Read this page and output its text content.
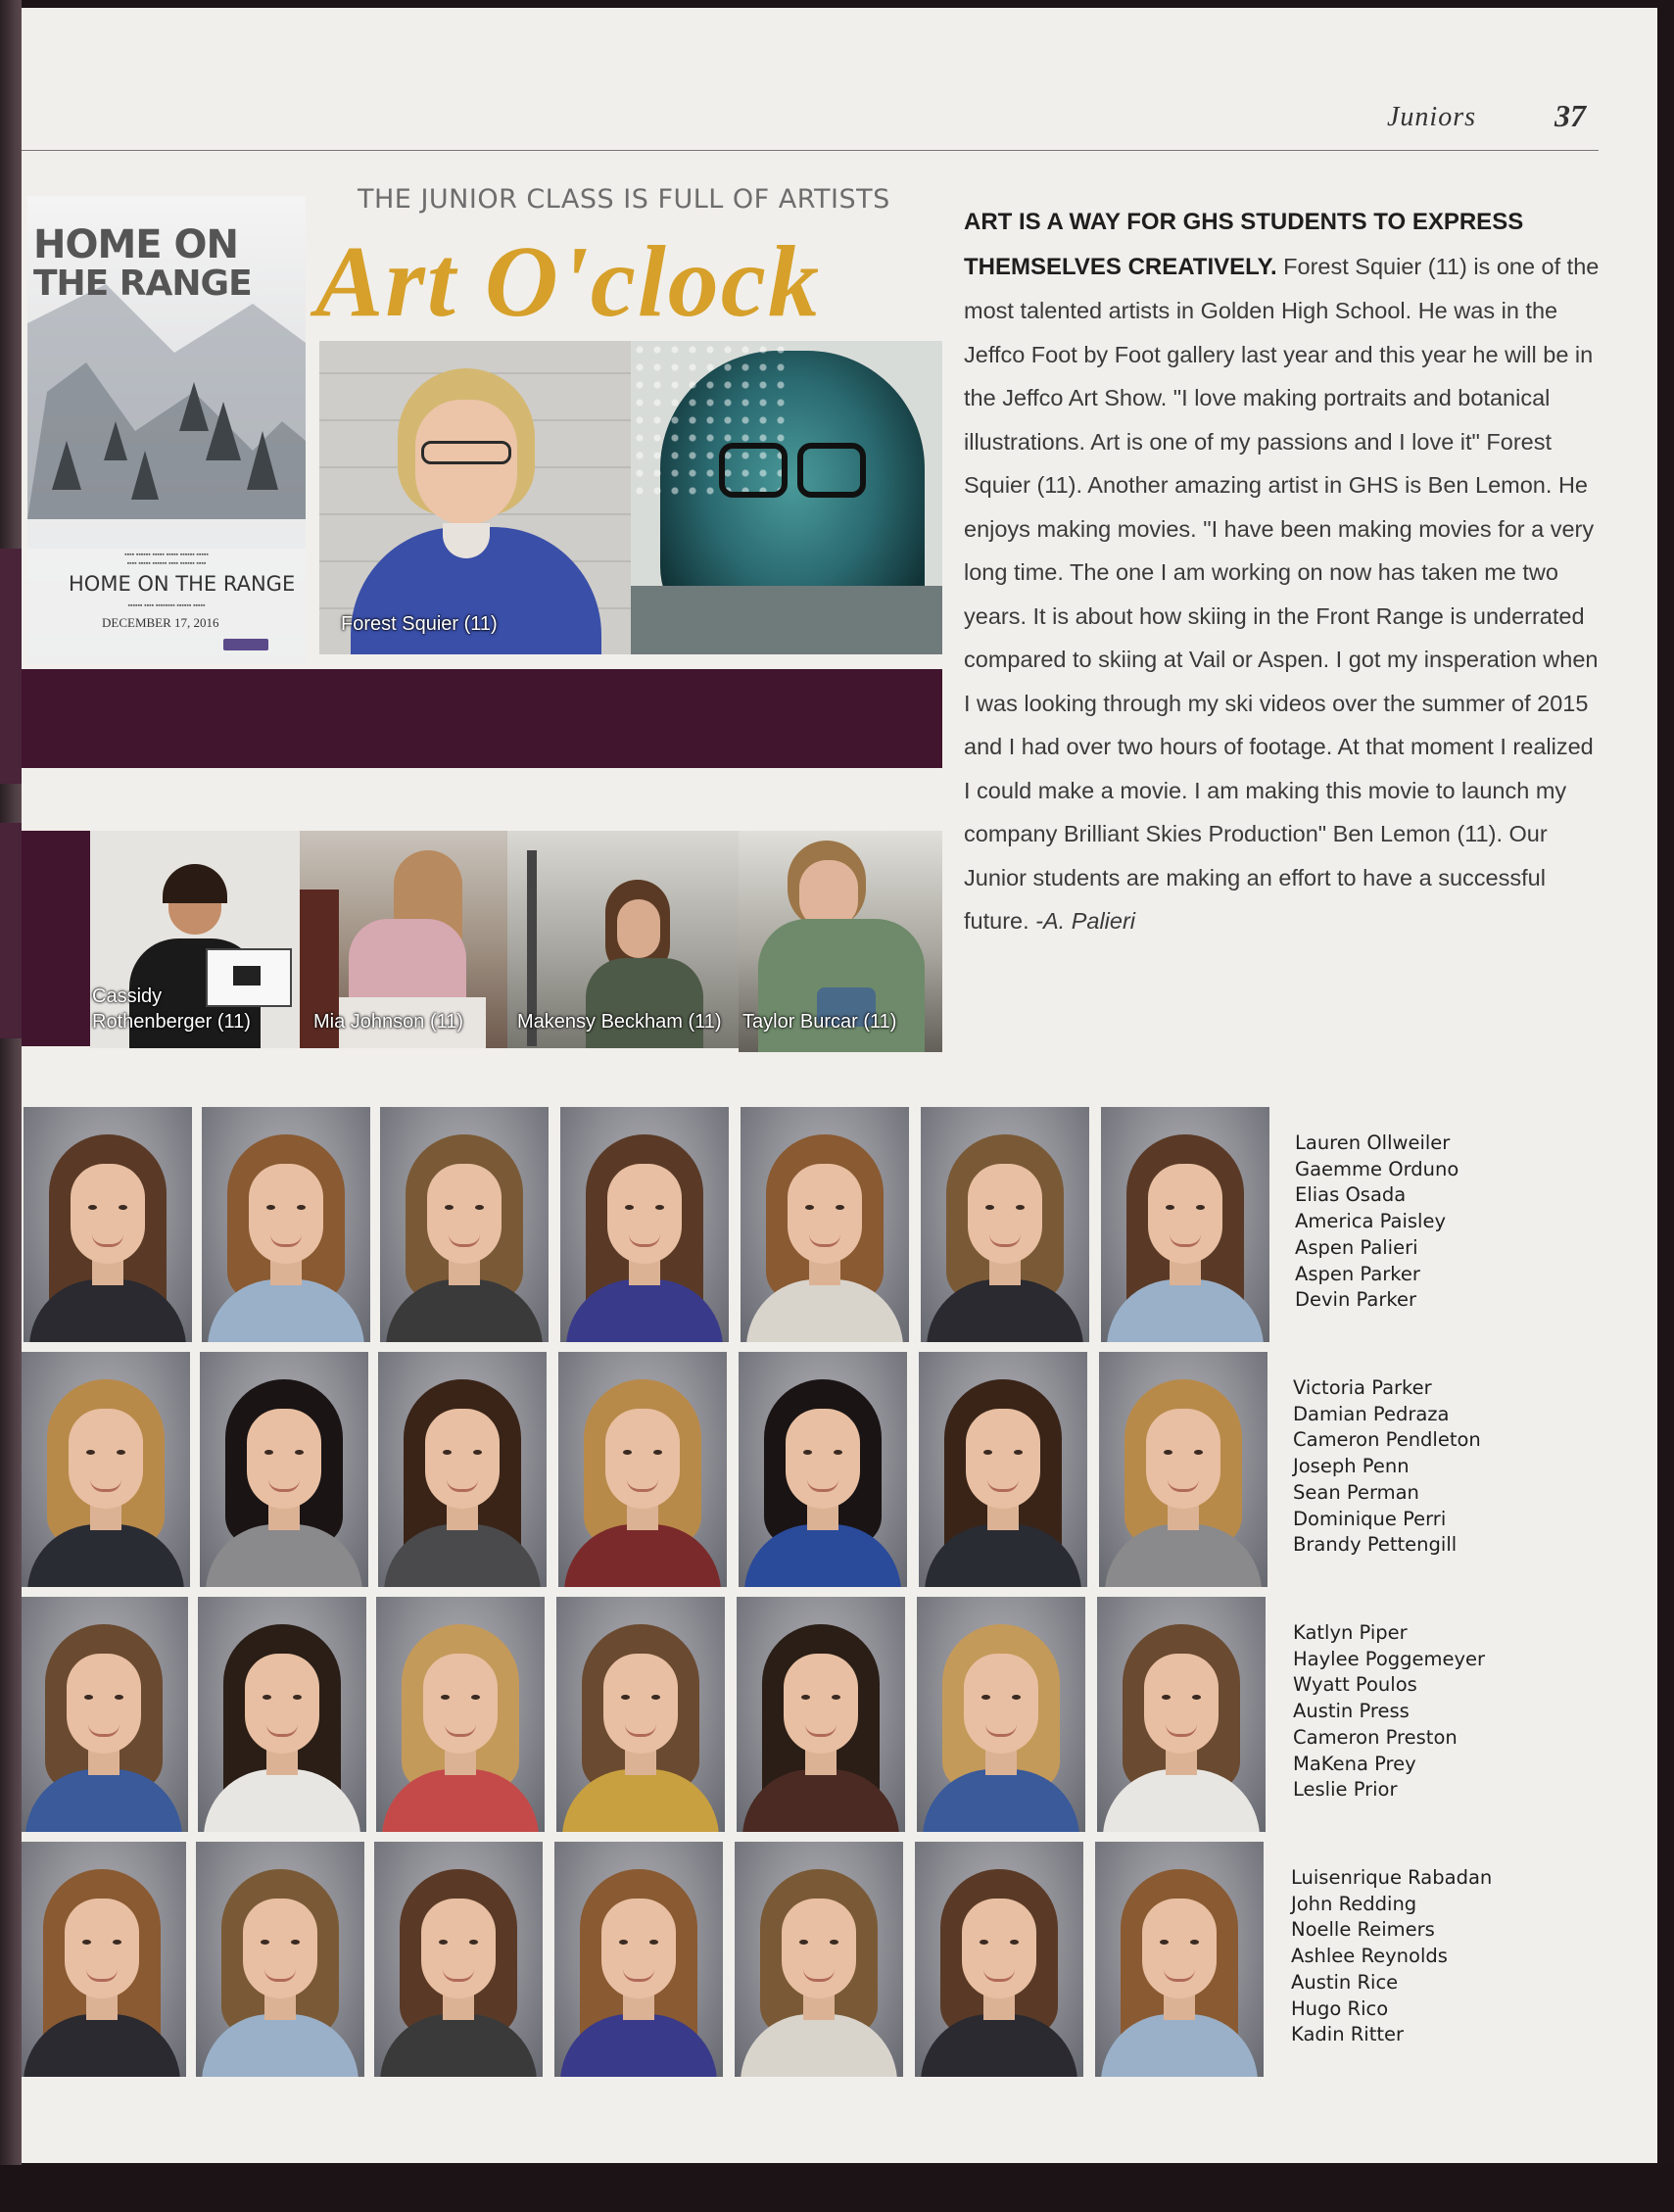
Juniors	37
HOME ON
THE RANGE
▪▪▪▪ ▪▪▪▪▪▪ ▪▪▪▪▪ ▪▪▪▪▪ ▪▪▪▪▪▪ ▪▪▪▪▪
▪▪▪▪ ▪▪▪▪▪ ▪▪▪▪▪▪ ▪▪▪▪ ▪▪▪▪▪▪ ▪▪▪▪
HOME ON THE RANGE
▪▪▪▪▪▪ ▪▪▪▪ ▪▪▪▪▪▪▪▪ ▪▪▪▪▪▪ ▪▪▪▪▪
DECEMBER 17, 2016
THE JUNIOR CLASS IS FULL OF ARTISTS
Art O'clock
Forest Squier (11)
Cassidy
Rothenberger (11)	Mia Johnson (11)	Makensy Beckham (11) Taylor Burcar (11)
ART IS A WAY FOR GHS STUDENTS TO EXPRESS THEMSELVES CREATIVELY. Forest Squier (11) is one of the most talented artists in Golden High School. He was in the Jeffco Foot by Foot gallery last year and this year he will be in the Jeffco Art Show. "I love making portraits and botanical illustrations. Art is one of my passions and I love it" Forest Squier (11). Another amazing artist in GHS is Ben Lemon. He enjoys making movies. "I have been making movies for a very long time. The one I am working on now has taken me two years. It is about how skiing in the Front Range is underrated compared to skiing at Vail or Aspen. I got my insperation when I was looking through my ski videos over the summer of 2015 and I had over two hours of footage. At that moment I realized I could make a movie. I am making this movie to launch my company Brilliant Skies Production" Ben Lemon (11). Our Junior students are making an effort to have a successful future. -A. Palieri
Lauren Ollweiler
Gaemme Orduno
Elias Osada
America Paisley
Aspen Palieri
Aspen Parker
Devin Parker
Victoria Parker
Damian Pedraza
Cameron Pendleton
Joseph Penn
Sean Perman
Dominique Perri
Brandy Pettengill
Katlyn Piper
Haylee Poggemeyer
Wyatt Poulos
Austin Press
Cameron Preston
MaKena Prey
Leslie Prior
Luisenrique Rabadan
John Redding
Noelle Reimers
Ashlee Reynolds
Austin Rice
Hugo Rico
Kadin Ritter
